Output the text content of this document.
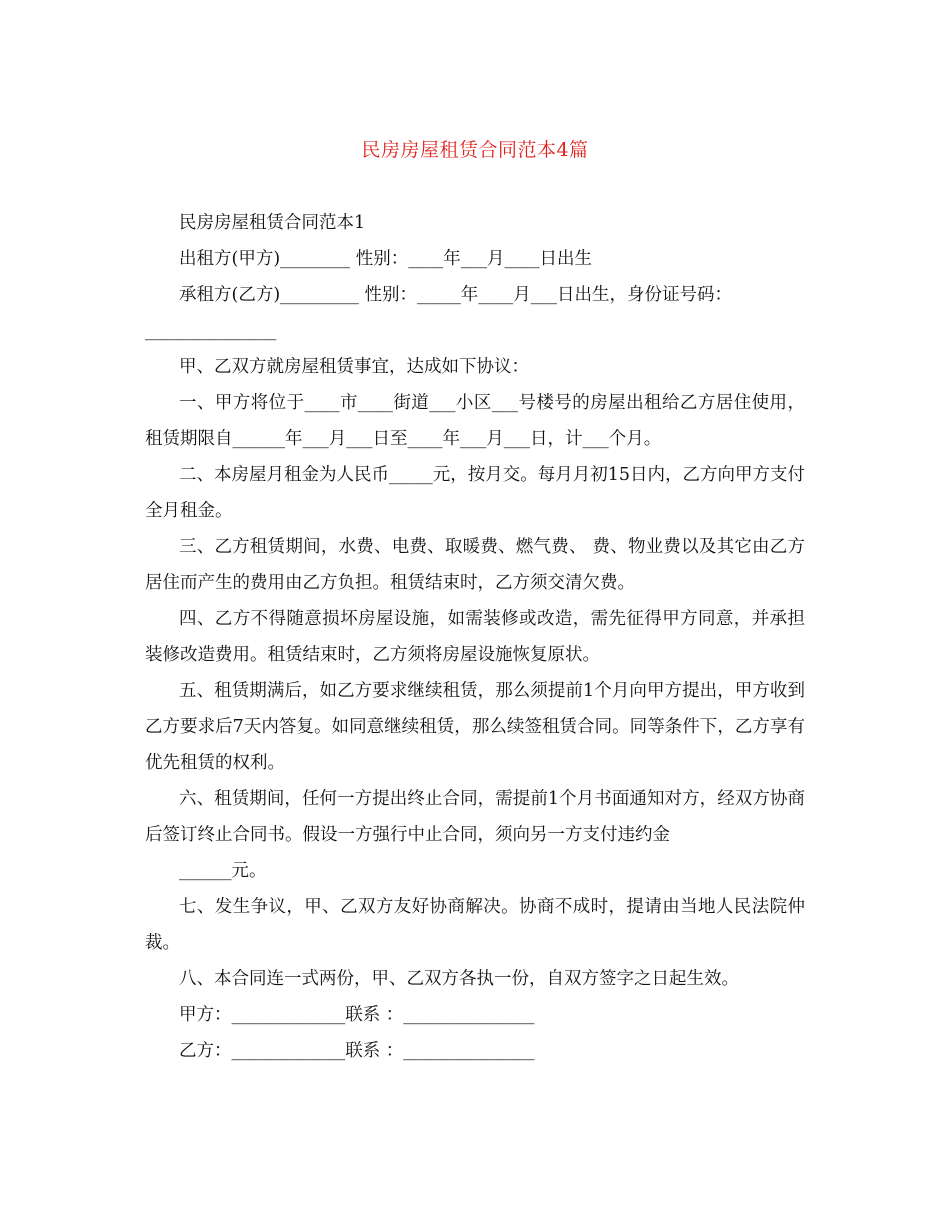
民房房屋租赁合同范本4篇

民房房屋租赁合同范本1

出租方(甲方)________ 性别：____年___月____日出生

承租方(乙方)_________ 性别：_____年____月___日出生，身份证号码：

_______________

甲、乙双方就房屋租赁事宜，达成如下协议：

一、甲方将位于____市____街道___小区___号楼号的房屋出租给乙方居住使用，租赁期限自______年___月___日至____年___月___日，计___个月。

二、本房屋月租金为人民币_____元，按月交。每月月初15日内，乙方向甲方支付全月租金。

三、乙方租赁期间，水费、电费、取暖费、燃气费、 费、物业费以及其它由乙方居住而产生的费用由乙方负担。租赁结束时，乙方须交清欠费。

四、乙方不得随意损坏房屋设施，如需装修或改造，需先征得甲方同意，并承担装修改造费用。租赁结束时，乙方须将房屋设施恢复原状。

五、租赁期满后，如乙方要求继续租赁，那么须提前1个月向甲方提出，甲方收到乙方要求后7天内答复。如同意继续租赁，那么续签租赁合同。同等条件下，乙方享有优先租赁的权利。

六、租赁期间，任何一方提出终止合同，需提前1个月书面通知对方，经双方协商后签订终止合同书。假设一方强行中止合同，须向另一方支付违约金

______元。

七、发生争议，甲、乙双方友好协商解决。协商不成时，提请由当地人民法院仲裁。

八、本合同连一式两份，甲、乙双方各执一份，自双方签字之日起生效。

甲方：_____________联系 ：_______________

乙方：_____________联系 ：_______________
